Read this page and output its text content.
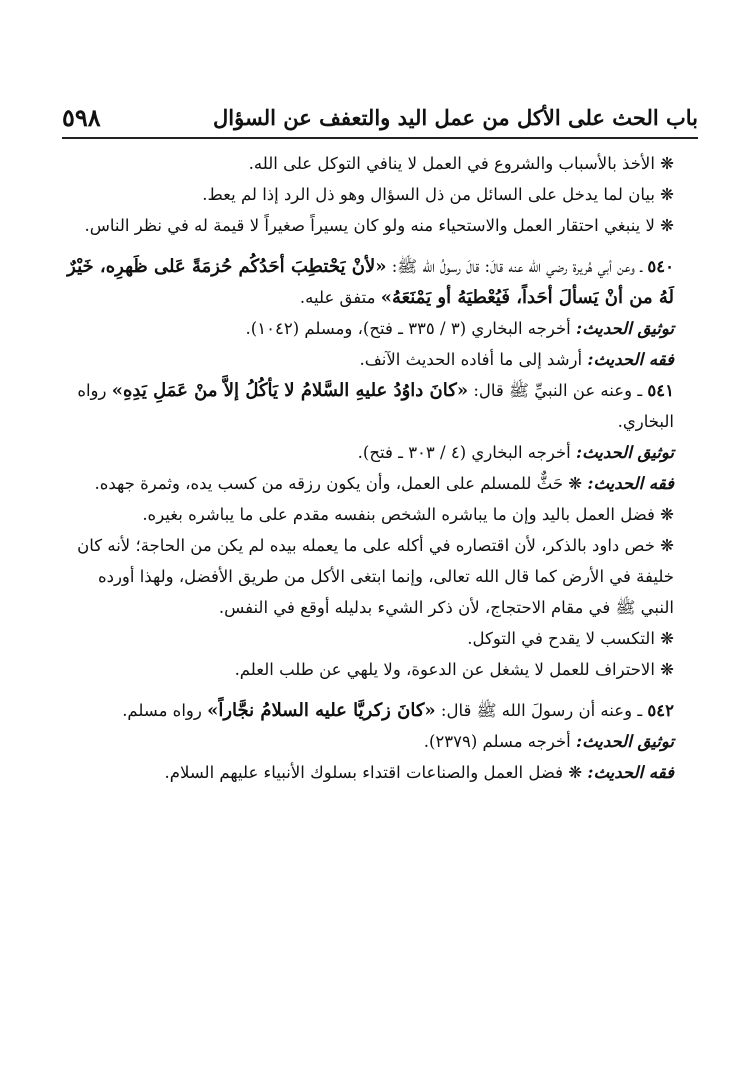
باب الحث على الأكل من عمل اليد والتعفف عن السؤال
٥٩٨

❋ الأخذ بالأسباب والشروع في العمل لا ينافي التوكل على الله.

❋ بيان لما يدخل على السائل من ذل السؤال وهو ذل الرد إذا لم يعط.

❋ لا ينبغي احتقار العمل والاستحياء منه ولو كان يسيراً صغيراً لا قيمة له في نظر الناس.

٥٤٠ ـ وعن أبي هُريرة رضي الله عنه قالَ: قالَ رسولُ الله ﷺ: «لأنْ يَحْتطِبَ أحَدُكُم حُزمَةً عَلى ظَهرِه، خَيْرٌ لَهُ من أنْ يَسألَ أحَداً، فَيُعْطيَهُ أو يَمْنَعَهُ» متفق عليه.

توثيق الحديث: أخرجه البخاري (٣ / ٣٣٥ ـ فتح)، ومسلم (١٠٤٢).

فقه الحديث: أرشد إلى ما أفاده الحديث الآنف.

٥٤١ ـ وعنه عن النبيِّ ﷺ قال: «كانَ داوُدُ عليهِ السَّلامُ لا يَأكُلُ إلاَّ منْ عَمَلِ يَدِهِ» رواه البخاري.

توثيق الحديث: أخرجه البخاري (٤ / ٣٠٣ ـ فتح).

فقه الحديث: ❋ حَثٌّ للمسلم على العمل، وأن يكون رزقه من كسب يده، وثمرة جهده.

❋ فضل العمل باليد وإن ما يباشره الشخص بنفسه مقدم على ما يباشره بغيره.

❋ خص داود بالذكر، لأن اقتصاره في أكله على ما يعمله بيده لم يكن من الحاجة؛ لأنه كان خليفة في الأرض كما قال الله تعالى، وإنما ابتغى الأكل من طريق الأفضل، ولهذا أورده النبي ﷺ في مقام الاحتجاج، لأن ذكر الشيء بدليله أوقع في النفس.

❋ التكسب لا يقدح في التوكل.

❋ الاحتراف للعمل لا يشغل عن الدعوة، ولا يلهي عن طلب العلم.

٥٤٢ ـ وعنه أن رسولَ الله ﷺ قال: «كانَ زكريَّا عليه السلامُ نجَّاراً» رواه مسلم.

توثيق الحديث: أخرجه مسلم (٢٣٧٩).

فقه الحديث: ❋ فضل العمل والصناعات اقتداء بسلوك الأنبياء عليهم السلام.
